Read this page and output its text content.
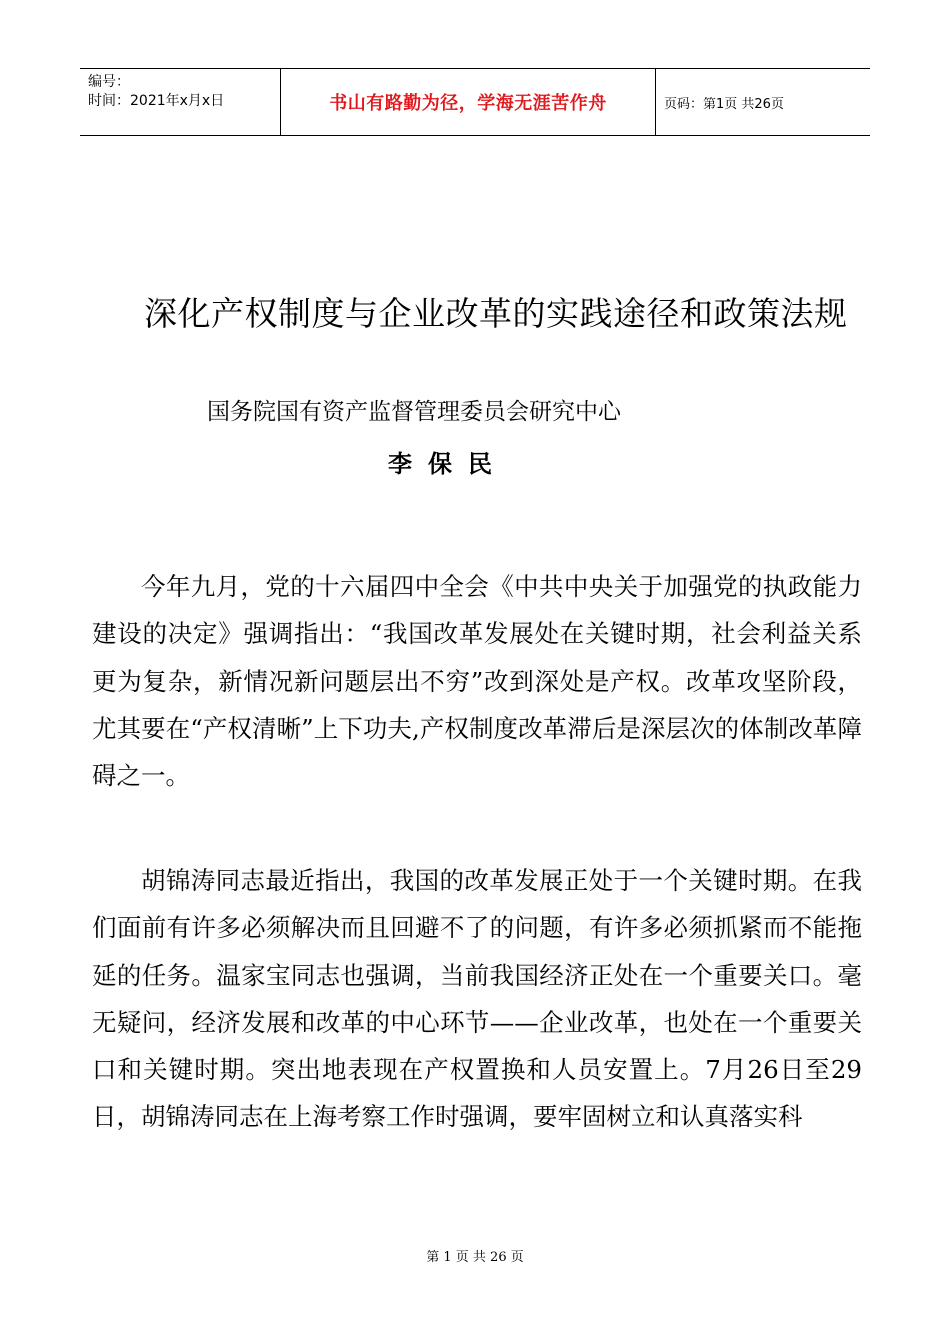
编号：
时间：2021年x月x日	书山有路勤为径，学海无涯苦作舟	页码：第1页 共26页
深化产权制度与企业改革的实践途径和政策法规
国务院国有资产监督管理委员会研究中心
李保民

今年九月，党的十六届四中全会《中共中央关于加强党的执政能力建设的决定》强调指出：“我国改革发展处在关键时期，社会利益关系更为复杂，新情况新问题层出不穷”改到深处是产权。改革攻坚阶段，尤其要在“产权清晰”上下功夫,产权制度改革滞后是深层次的体制改革障碍之一。

胡锦涛同志最近指出，我国的改革发展正处于一个关键时期。在我们面前有许多必须解决而且回避不了的问题，有许多必须抓紧而不能拖延的任务。温家宝同志也强调，当前我国经济正处在一个重要关口。毫无疑问，经济发展和改革的中心环节——企业改革，也处在一个重要关口和关键时期。突出地表现在产权置换和人员安置上。7月26日至29日，胡锦涛同志在上海考察工作时强调，要牢固树立和认真落实科

第 1 页 共 26 页
